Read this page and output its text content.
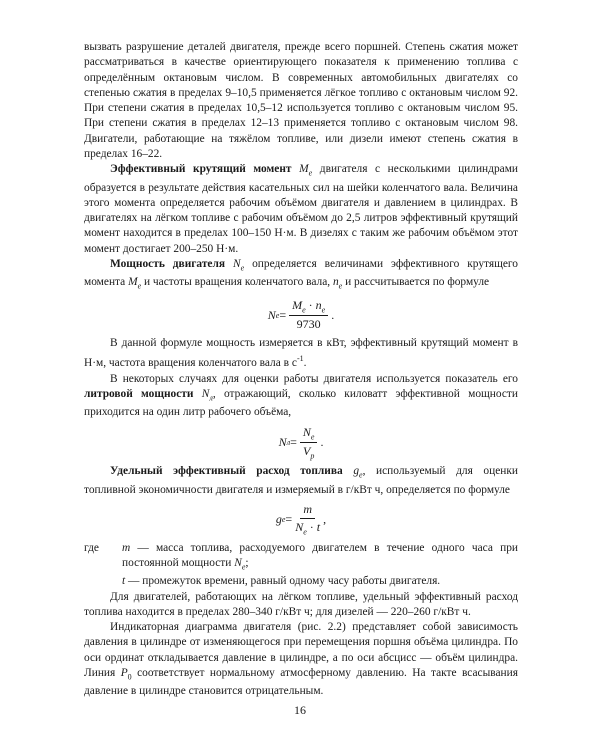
вызвать разрушение деталей двигателя, прежде всего поршней. Степень сжатия может рассматриваться в качестве ориентирующего показателя к применению топлива с определённым октановым числом. В современных автомобильных двигателях со степенью сжатия в пределах 9–10,5 применяется лёгкое топливо с октановым числом 92. При степени сжатия в пределах 10,5–12 используется топливо с октановым числом 95. При степени сжатия в пределах 12–13 применяется топливо с октановым числом 98. Двигатели, работающие на тяжёлом топливе, или дизели имеют степень сжатия в пределах 16–22.

Эффективный крутящий момент $M_e$ двигателя с несколькими цилиндрами образуется в результате действия касательных сил на шейки коленчатого вала. Величина этого момента определяется рабочим объёмом двигателя и давлением в цилиндрах. В двигателях на лёгком топливе с рабочим объёмом до 2,5 литров эффективный крутящий момент находится в пределах 100–150 Н·м. В дизелях с таким же рабочим объёмом этот момент достигает 200–250 Н·м.

Мощность двигателя $N_e$ определяется величинами эффективного крутящего момента $M_e$ и частоты вращения коленчатого вала, $n_e$ и рассчитывается по формуле

N $e = \frac{M_e \cdot n_e}{9730}$ .

В данной формуле мощность измеряется в кВт, эффективный крутящий момент в Н·м, частота вращения коленчатого вала в $с^{-1}$.

В некоторых случаях для оценки работы двигателя используется показатель его литровой мощности $N_л$, отражающий, сколько киловатт эффективной мощности приходится на один литр рабочего объёма,

N $л = \frac{N_e}{V_p}$ .

Удельный эффективный расход топлива $g_e$, используемый для оценки топливной экономичности двигателя и измеряемый в г/кВт ч, определяется по формуле

g $e = \frac{m}{N_e \cdot t}$ ,
где	m — масса топлива, расходуемого двигателем в течение одного часа при постоянной мощности $N_e$;
t — промежуток времени, равный одному часу работы двигателя.

Для двигателей, работающих на лёгком топливе, удельный эффективный расход топлива находится в пределах 280–340 г/кВт ч; для дизелей — 220–260 г/кВт ч.

Индикаторная диаграмма двигателя (рис. 2.2) представляет собой зависимость давления в цилиндре от изменяющегося при перемещения поршня объёма цилиндра. По оси ординат откладывается давление в цилиндре, а по оси абсцисс — объём цилиндра. Линия $P_0$ соответствует нормальному атмосферному давлению. На такте всасывания давление в цилиндре становится отрицательным.

16
